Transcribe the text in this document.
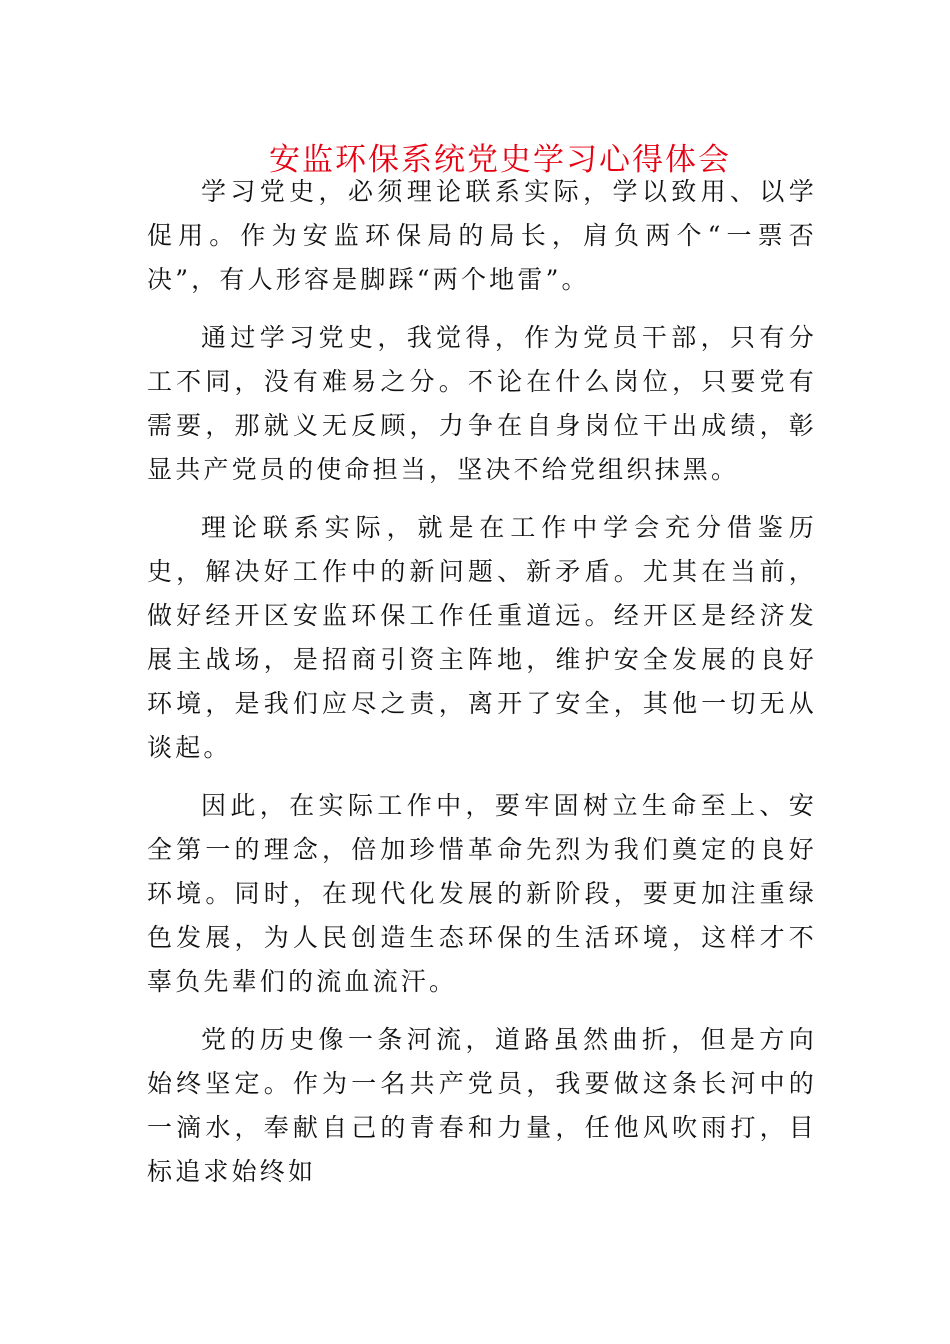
安监环保系统党史学习心得体会

学习党史，必须理论联系实际，学以致用、以学促用。作为安监环保局的局长，肩负两个“一票否决”，有人形容是脚踩“两个地雷”。

通过学习党史，我觉得，作为党员干部，只有分工不同，没有难易之分。不论在什么岗位，只要党有需要，那就义无反顾，力争在自身岗位干出成绩，彰显共产党员的使命担当，坚决不给党组织抹黑。

理论联系实际，就是在工作中学会充分借鉴历史，解决好工作中的新问题、新矛盾。尤其在当前，做好经开区安监环保工作任重道远。经开区是经济发展主战场，是招商引资主阵地，维护安全发展的良好环境，是我们应尽之责，离开了安全，其他一切无从谈起。

因此，在实际工作中，要牢固树立生命至上、安全第一的理念，倍加珍惜革命先烈为我们奠定的良好环境。同时，在现代化发展的新阶段，要更加注重绿色发展，为人民创造生态环保的生活环境，这样才不辜负先辈们的流血流汗。

党的历史像一条河流，道路虽然曲折，但是方向始终坚定。作为一名共产党员，我要做这条长河中的一滴水，奉献自己的青春和力量，任他风吹雨打，目标追求始终如
